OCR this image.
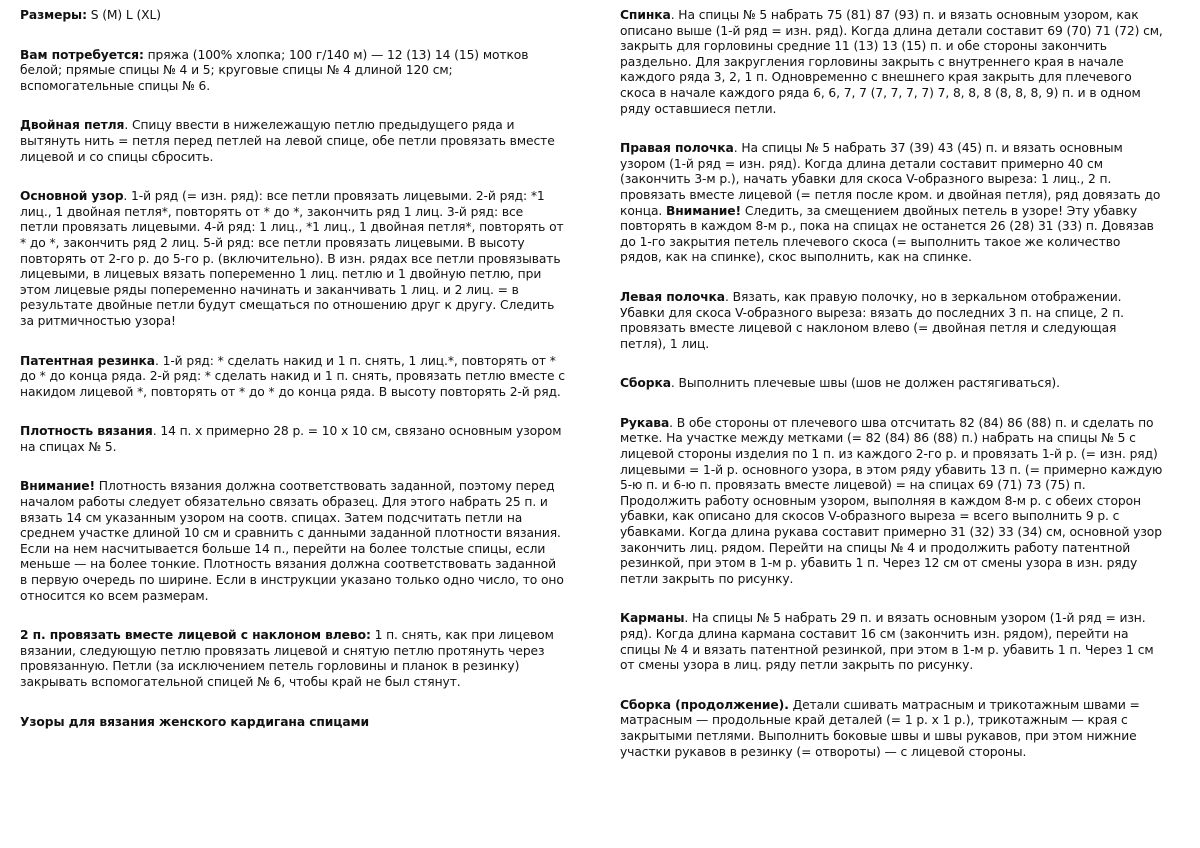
Размеры: S (M) L (XL)

Вам потребуется: пряжа (100% хлопка; 100 г/140 м) — 12 (13) 14 (15) мотков белой; прямые спицы № 4 и 5; круговые спицы № 4 длиной 120 см; вспомогательные спицы № 6.

Двойная петля. Спицу ввести в нижележащую петлю предыдущего ряда и вытянуть нить = петля перед петлей на левой спице, обе петли провязать вместе лицевой и со спицы сбросить.

Основной узор. 1-й ряд (= изн. ряд): все петли провязать лицевыми. 2-й ряд: *1 лиц., 1 двойная петля*, повторять от * до *, закончить ряд 1 лиц. 3-й ряд: все петли провязать лицевыми. 4-й ряд: 1 лиц., *1 лиц., 1 двойная петля*, повторять от * до *, закончить ряд 2 лиц. 5-й ряд: все петли провязать лицевыми. В высоту повторять от 2-го р. до 5-го р. (включительно). В изн. рядах все петли провязывать лицевыми, в лицевых вязать попеременно 1 лиц. петлю и 1 двойную петлю, при этом лицевые ряды попеременно начинать и заканчивать 1 лиц. и 2 лиц. = в результате двойные петли будут смещаться по отношению друг к другу. Следить за ритмичностью узора!

Патентная резинка. 1-й ряд: * сделать накид и 1 п. снять, 1 лиц.*, повторять от * до * до конца ряда. 2-й ряд: * сделать накид и 1 п. снять, провязать петлю вместе с накидом лицевой *, повторять от * до * до конца ряда. В высоту повторять 2-й ряд.

Плотность вязания. 14 п. х примерно 28 р. = 10 х 10 см, связано основным узором на спицах № 5.

Внимание! Плотность вязания должна соответствовать заданной, поэтому перед началом работы следует обязательно связать образец. Для этого набрать 25 п. и вязать 14 см указанным узором на соотв. спицах. Затем подсчитать петли на среднем участке длиной 10 см и сравнить с данными заданной плотности вязания. Если на нем насчитывается больше 14 п., перейти на более толстые спицы, если меньше — на более тонкие. Плотность вязания должна соответствовать заданной в первую очередь по ширине. Если в инструкции указано только одно число, то оно относится ко всем размерам.

2 п. провязать вместе лицевой с наклоном влево: 1 п. снять, как при лицевом вязании, следующую петлю провязать лицевой и снятую петлю протянуть через провязанную. Петли (за исключением петель горловины и планок в резинку) закрывать вспомогательной спицей № 6, чтобы край не был стянут.

Узоры для вязания женского кардигана спицами

Спинка. На спицы № 5 набрать 75 (81) 87 (93) п. и вязать основным узором, как описано выше (1-й ряд = изн. ряд). Когда длина детали составит 69 (70) 71 (72) см, закрыть для горловины средние 11 (13) 13 (15) п. и обе стороны закончить раздельно. Для закругления горловины закрыть с внутреннего края в начале каждого ряда 3, 2, 1 п. Одновременно с внешнего края закрыть для плечевого скоса в начале каждого ряда 6, 6, 7, 7 (7, 7, 7, 7) 7, 8, 8, 8 (8, 8, 8, 9) п. и в одном ряду оставшиеся петли.

Правая полочка. На спицы № 5 набрать 37 (39) 43 (45) п. и вязать основным узором (1-й ряд = изн. ряд). Когда длина детали составит примерно 40 см (закончить 3-м р.), начать убавки для скоса V-образного выреза: 1 лиц., 2 п. провязать вместе лицевой (= петля после кром. и двойная петля), ряд довязать до конца. Внимание! Следить, за смещением двойных петель в узоре! Эту убавку повторять в каждом 8-м р., пока на спицах не останется 26 (28) 31 (33) п. Довязав до 1-го закрытия петель плечевого скоса (= выполнить такое же количество рядов, как на спинке), скос выполнить, как на спинке.

Левая полочка. Вязать, как правую полочку, но в зеркальном отображении. Убавки для скоса V-образного выреза: вязать до последних 3 п. на спице, 2 п. провязать вместе лицевой с наклоном влево (= двойная петля и следующая петля), 1 лиц.

Сборка. Выполнить плечевые швы (шов не должен растягиваться).

Рукава. В обе стороны от плечевого шва отсчитать 82 (84) 86 (88) п. и сделать по метке. На участке между метками (= 82 (84) 86 (88) п.) набрать на спицы № 5 с лицевой стороны изделия по 1 п. из каждого 2-го р. и провязать 1-й р. (= изн. ряд) лицевыми = 1-й р. основного узора, в этом ряду убавить 13 п. (= примерно каждую 5-ю п. и 6-ю п. провязать вместе лицевой) = на спицах 69 (71) 73 (75) п. Продолжить работу основным узором, выполняя в каждом 8-м р. с обеих сторон убавки, как описано для скосов V-образного выреза = всего выполнить 9 р. с убавками. Когда длина рукава составит примерно 31 (32) 33 (34) см, основной узор закончить лиц. рядом. Перейти на спицы № 4 и продолжить работу патентной резинкой, при этом в 1-м р. убавить 1 п. Через 12 см от смены узора в изн. ряду петли закрыть по рисунку.

Карманы. На спицы № 5 набрать 29 п. и вязать основным узором (1-й ряд = изн. ряд). Когда длина кармана составит 16 см (закончить изн. рядом), перейти на спицы № 4 и вязать патентной резинкой, при этом в 1-м р. убавить 1 п. Через 1 см от смены узора в лиц. ряду петли закрыть по рисунку.

Сборка (продолжение). Детали сшивать матрасным и трикотажным швами = матрасным — продольные край деталей (= 1 р. х 1 р.), трикотажным — края с закрытыми петлями. Выполнить боковые швы и швы рукавов, при этом нижние участки рукавов в резинку (= отвороты) — с лицевой стороны.
